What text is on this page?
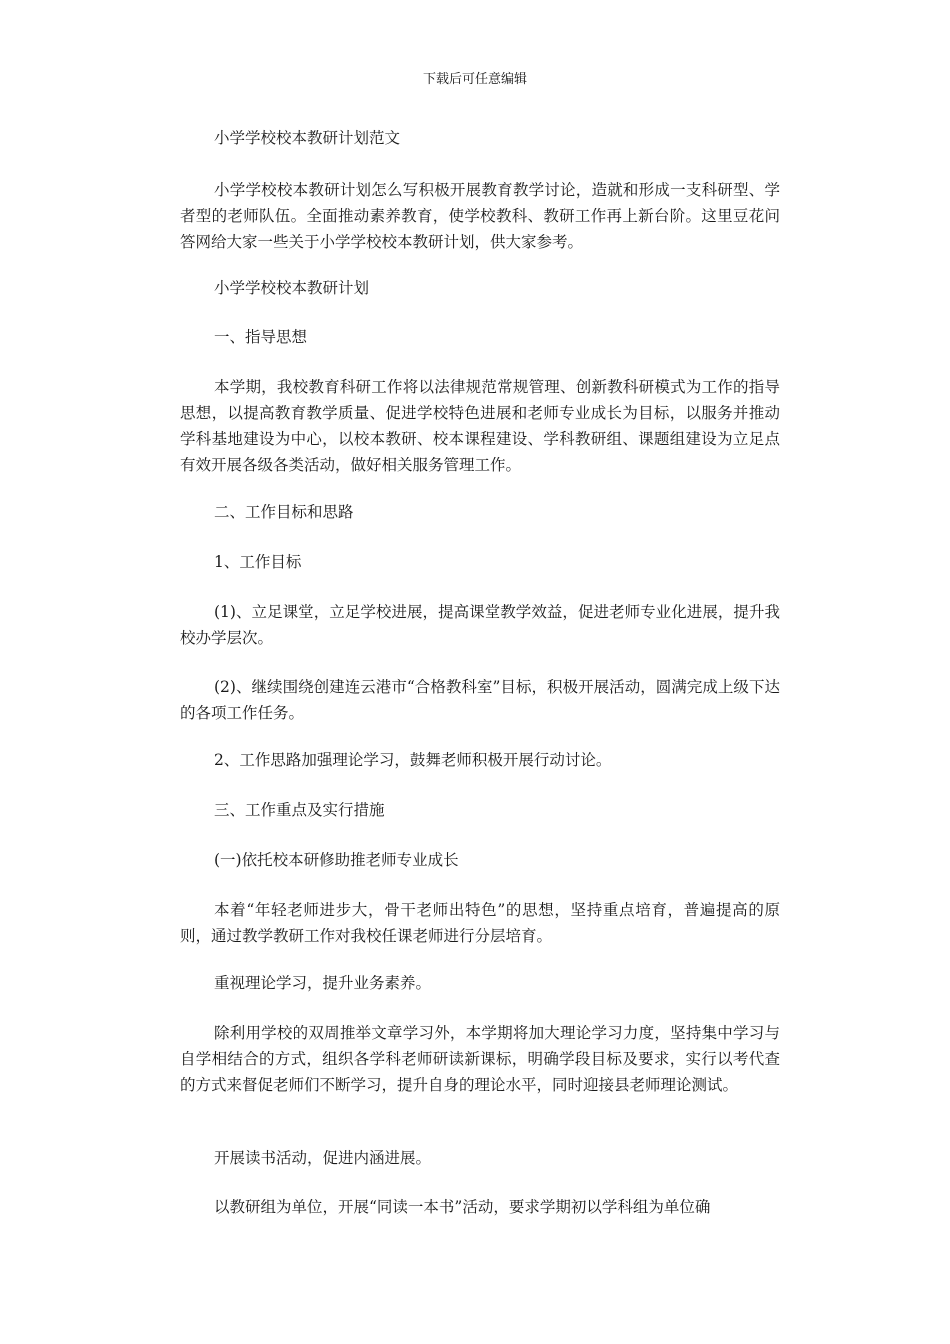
下载后可任意编辑

小学学校校本教研计划范文

小学学校校本教研计划怎么写积极开展教育教学讨论，造就和形成一支科研型、学者型的老师队伍。全面推动素养教育，使学校教科、教研工作再上新台阶。这里豆花问答网给大家一些关于小学学校校本教研计划，供大家参考。

小学学校校本教研计划

一、指导思想

本学期，我校教育科研工作将以法律规范常规管理、创新教科研模式为工作的指导思想，以提高教育教学质量、促进学校特色进展和老师专业成长为目标，以服务并推动学科基地建设为中心，以校本教研、校本课程建设、学科教研组、课题组建设为立足点有效开展各级各类活动，做好相关服务管理工作。

二、工作目标和思路

1、工作目标

(1)、立足课堂，立足学校进展，提高课堂教学效益，促进老师专业化进展，提升我校办学层次。

(2)、继续围绕创建连云港市“合格教科室”目标，积极开展活动，圆满完成上级下达的各项工作任务。

2、工作思路加强理论学习，鼓舞老师积极开展行动讨论。

三、工作重点及实行措施

(一)依托校本研修助推老师专业成长

本着“年轻老师进步大，骨干老师出特色”的思想，坚持重点培育，普遍提高的原则，通过教学教研工作对我校任课老师进行分层培育。

重视理论学习，提升业务素养。

除利用学校的双周推举文章学习外，本学期将加大理论学习力度，坚持集中学习与自学相结合的方式，组织各学科老师研读新课标，明确学段目标及要求，实行以考代查的方式来督促老师们不断学习，提升自身的理论水平，同时迎接县老师理论测试。

开展读书活动，促进内涵进展。

以教研组为单位，开展“同读一本书”活动，要求学期初以学科组为单位确
